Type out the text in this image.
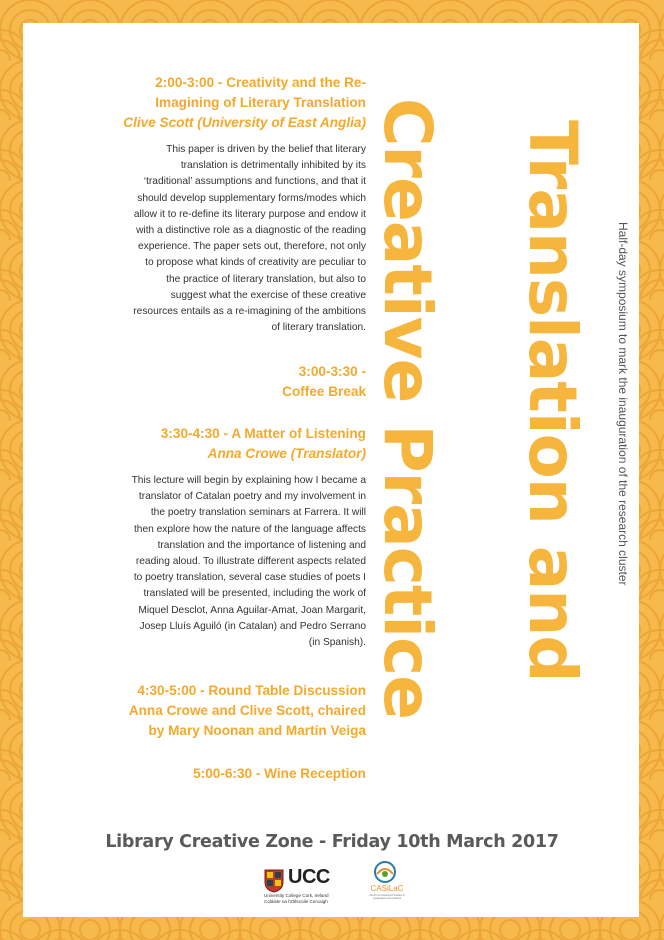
2:00-3:00 - Creativity and the Re-
Imagining of Literary Translation
Clive Scott (University of East Anglia)
This paper is driven by the belief that literary
translation is detrimentally inhibited by its
‘traditional’ assumptions and functions, and that it
should develop supplementary forms/modes which
allow it to re-define its literary purpose and endow it
with a distinctive role as a diagnostic of the reading
experience. The paper sets out, therefore, not only
to propose what kinds of creativity are peculiar to
the practice of literary translation, but also to
suggest what the exercise of these creative
resources entails as a re-imagining of the ambitions
of literary translation.
3:00-3:30 -
Coffee Break
3:30-4:30 - A Matter of Listening
Anna Crowe (Translator)
This lecture will begin by explaining how I became a
translator of Catalan poetry and my involvement in
the poetry translation seminars at Farrera. It will
then explore how the nature of the language affects
translation and the importance of listening and
reading aloud. To illustrate different aspects related
to poetry translation, several case studies of poets I
translated will be presented, including the work of
Miquel Desclot, Anna Aguilar-Amat, Joan Margarit,
Josep Lluís Aguiló (in Catalan) and Pedro Serrano
(in Spanish).
4:30-5:00 - Round Table Discussion
Anna Crowe and Clive Scott, chaired
by Mary Noonan and Martín Veiga
5:00-6:30 - Wine Reception
Translation and
Creative Practice	Half-day symposium to mark the inauguration of the research cluster
Library Creative Zone - Friday 10th March 2017
UCC
University College Cork, Ireland
Coláiste na hOllscoile Corcaigh
CASiLaC
Centre for Advanced Studies in
Languages and Cultures
